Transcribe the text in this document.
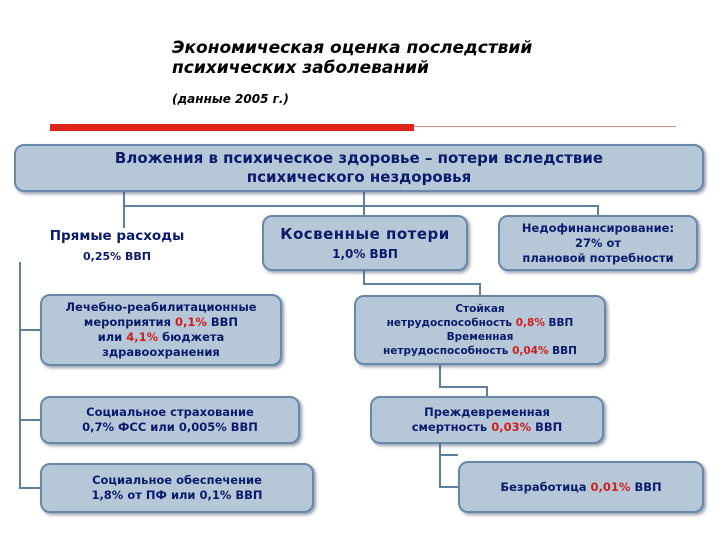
Экономическая оценка последствий
психических заболеваний
(данные 2005 г.)
Вложения в психическое здоровье – потери вследствие
психического нездоровья
Прямые расходы
0,25% ВВП
Косвенные потери
1,0% ВВП
Недофинансирование:
27% от
плановой потребности
Лечебно-реабилитационные
мероприятия 0,1% ВВП
или 4,1% бюджета
здравоохранения
Стойкая
нетрудоспособность 0,8% ВВП
Временная
нетрудоспособность 0,04% ВВП
Социальное страхование
0,7% ФСС или 0,005% ВВП
Преждевременная
смертность 0,03% ВВП
Социальное обеспечение
1,8% от ПФ или 0,1% ВВП
Безработица 0,01% ВВП
